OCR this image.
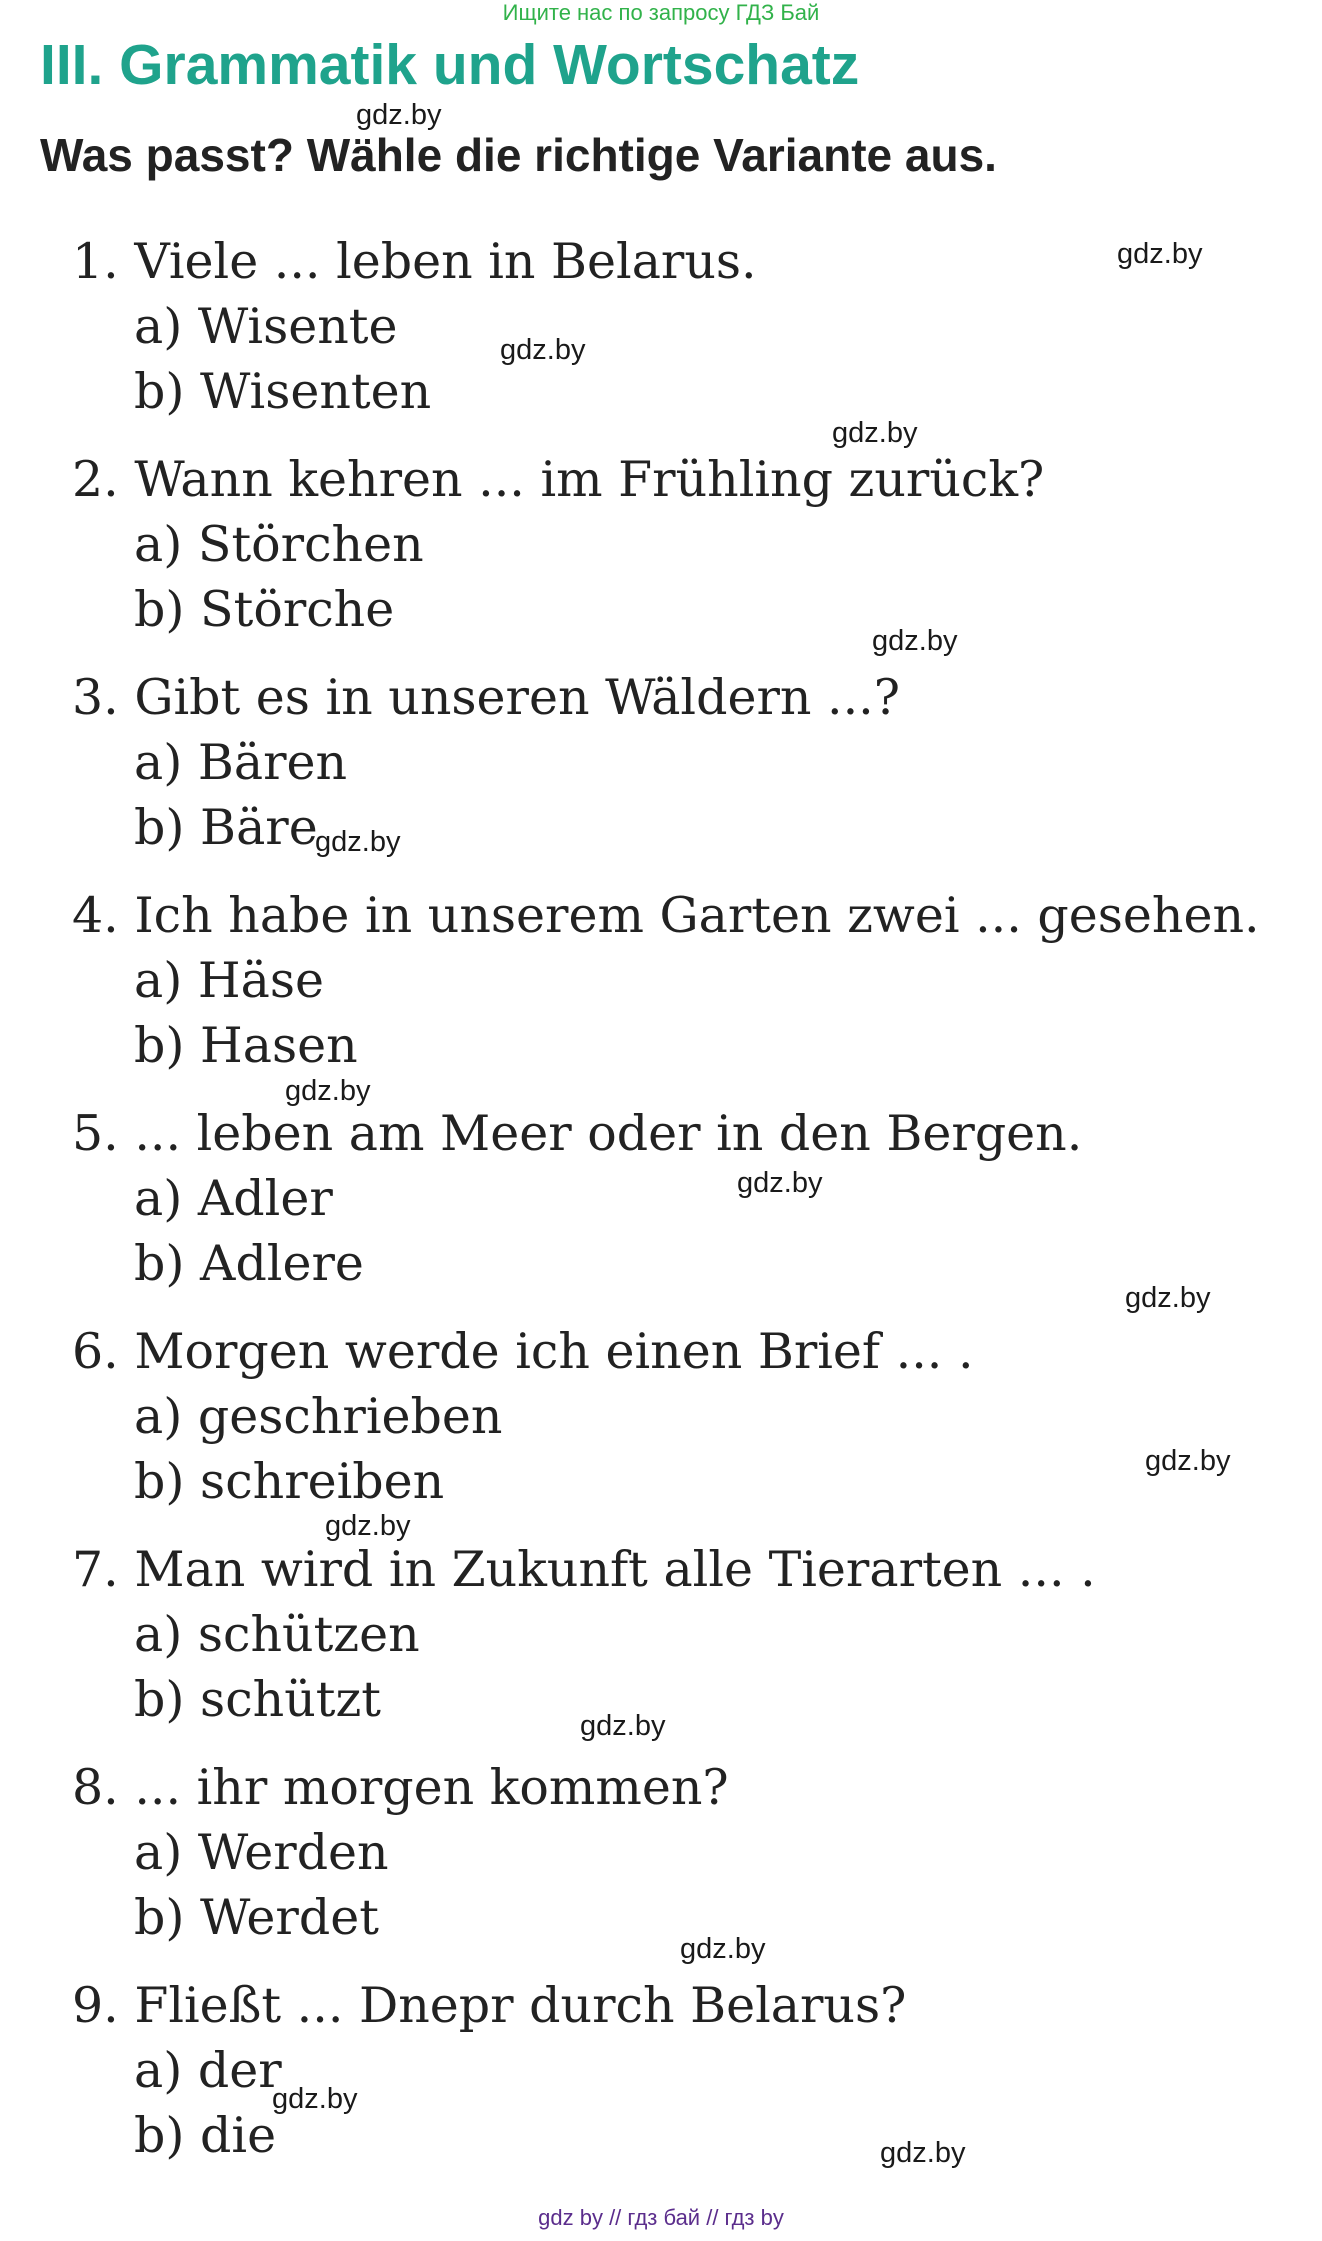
Ищите нас по запросу ГДЗ Бай
III. Grammatik und Wortschatz
Was passt? Wähle die richtige Variante aus.

1. Viele ... leben in Belarus.

a) Wisente

b) Wisenten

2. Wann kehren ... im Frühling zurück?

a) Störchen

b) Störche

3. Gibt es in unseren Wäldern ...?

a) Bären

b) Bäre

4. Ich habe in unserem Garten zwei ... gesehen.

a) Häse

b) Hasen

5. ... leben am Meer oder in den Bergen.

a) Adler

b) Adlere

6. Morgen werde ich einen Brief ... .

a) geschrieben

b) schreiben

7. Man wird in Zukunft alle Tierarten ... .

a) schützen

b) schützt

8. ... ihr morgen kommen?

a) Werden

b) Werdet

9. Fließt ... Dnepr durch Belarus?

a) der

b) die

gdz.by
gdz.by
gdz.by
gdz.by
gdz.by
gdz.by
gdz.by
gdz.by
gdz.by
gdz.by
gdz.by
gdz.by
gdz.by
gdz.by
gdz.by
gdz by // гдз бай // гдз by
